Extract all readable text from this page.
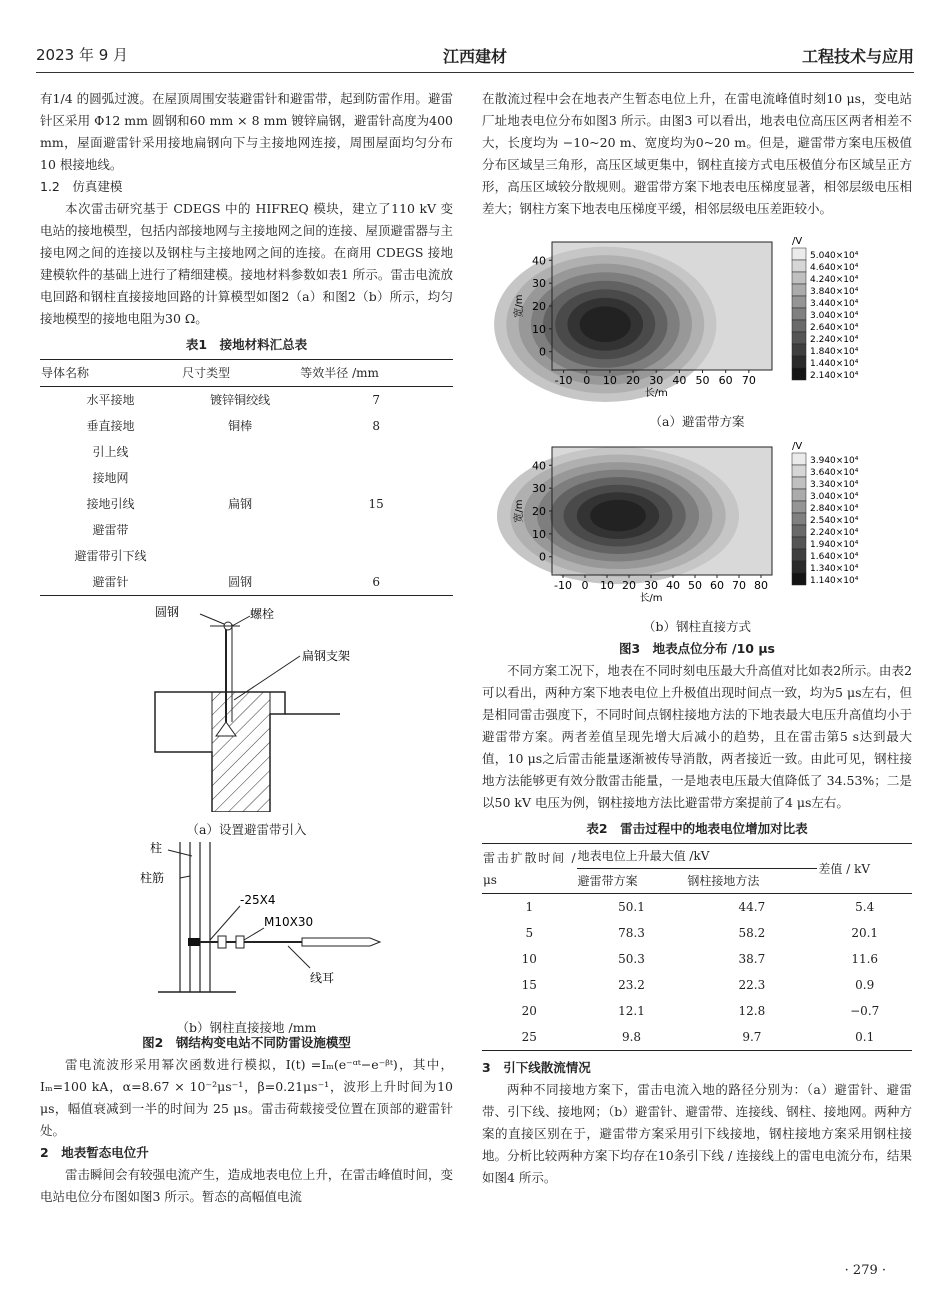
2023 年 9 月	江西建材	工程技术与应用

有1/4 的圆弧过渡。在屋顶周围安装避雷针和避雷带，起到防雷作用。避雷针区采用 Φ12 mm 圆钢和60 mm × 8 mm 镀锌扁钢，避雷针高度为400 mm，屋面避雷针采用接地扁钢向下与主接地网连接，周围屋面均匀分布10 根接地线。

1.2　仿真建模

本次雷击研究基于 CDEGS 中的 HIFREQ 模块，建立了110 kV 变电站的接地模型，包括内部接地网与主接地网之间的连接、屋顶避雷器与主接电网之间的连接以及钢柱与主接地网之间的连接。在商用 CDEGS 接地建模软件的基础上进行了精细建模。接地材料参数如表1 所示。雷击电流放电回路和钢柱直接接地回路的计算模型如图2（a）和图2（b）所示，均匀接地模型的接地电阻为30 Ω。

表1　接地材料汇总表
导体名称	尺寸类型	等效半径 /mm
水平接地	镀锌铜绞线	7
垂直接地	铜棒	8
引上线		
接地网		
接地引线	扁钢	15
避雷带		
避雷带引下线		
避雷针	圆钢	6
圆钢	螺栓
扁钢支架
（a）设置避雷带引入
柱
柱筋
-25X4
M10X30
线耳
（b）钢柱直接接地 /mm
图2　钢结构变电站不同防雷设施模型

雷电流波形采用幂次函数进行模拟，I(t) =Iₘ(e⁻ᵅᵗ−e⁻ᵝᵗ)，其中，Iₘ=100 kA，α=8.67 × 10⁻²μs⁻¹，β=0.21μs⁻¹，波形上升时间为10 μs，幅值衰减到一半的时间为 25 μs。雷击荷载接受位置在顶部的避雷针处。

2　地表暂态电位升

雷击瞬间会有较强电流产生，造成地表电位上升，在雷击峰值时间，变电站电位分布图如图3 所示。暂态的高幅值电流

在散流过程中会在地表产生暂态电位上升，在雷电流峰值时刻10 μs，变电站厂址地表电位分布如图3 所示。由图3 可以看出，地表电位高压区两者相差不大，长度均为 −10~20 m、宽度均为0~20 m。但是，避雷带方案电压极值分布区域呈三角形，高压区域更集中，钢柱直接方式电压极值分布区域呈正方形，高压区域较分散规则。避雷带方案下地表电压梯度显著，相邻层级电压相差大；钢柱方案下地表电压梯度平缓，相邻层级电压差距较小。

-10 0 10 20 30 40 50 60 70
40
30
20
10
0
长/m
宽/m
/V
5.040×10⁴
4.640×10⁴
4.240×10⁴
3.840×10⁴
3.440×10⁴
3.040×10⁴
2.640×10⁴
2.240×10⁴
1.840×10⁴
1.440×10⁴
2.140×10⁴
（a）避雷带方案
-10 0 10 20 30 40 50 60 70 80
40
30
20
10
0
长/m
宽/m
/V
3.940×10⁴
3.640×10⁴
3.340×10⁴
3.040×10⁴
2.840×10⁴
2.540×10⁴
2.240×10⁴
1.940×10⁴
1.640×10⁴
1.340×10⁴
1.140×10⁴
（b）钢柱直接方式
图3　地表点位分布 /10 μs

不同方案工况下，地表在不同时刻电压最大升高值对比如表2所示。由表2 可以看出，两种方案下地表电位上升极值出现时间点一致，均为5 μs左右，但是相同雷击强度下，不同时间点钢柱接地方法的下地表最大电压升高值均小于避雷带方案。两者差值呈现先增大后减小的趋势，且在雷击第5 s达到最大值，10 μs之后雷击能量逐渐被传导消散，两者接近一致。由此可见，钢柱接地方法能够更有效分散雷击能量，一是地表电压最大值降低了 34.53%；二是以50 kV 电压为例，钢柱接地方法比避雷带方案提前了4 μs左右。

表2　雷击过程中的地表电位增加对比表
雷击扩散时间 /μs	地表电位上升最大值 /kV		差值 / kV
	避雷带方案	钢柱接地方法	
1	50.1	44.7	5.4
5	78.3	58.2	20.1
10	50.3	38.7	11.6
15	23.2	22.3	0.9
20	12.1	12.8	−0.7
25	9.8	9.7	0.1
3　引下线散流情况

两种不同接地方案下，雷击电流入地的路径分别为：（a）避雷针、避雷带、引下线、接地网；（b）避雷针、避雷带、连接线、钢柱、接地网。两种方案的直接区别在于，避雷带方案采用引下线接地，钢柱接地方案采用钢柱接地。分析比较两种方案下均存在10条引下线 / 连接线上的雷电电流分布，结果如图4 所示。

· 279 ·
